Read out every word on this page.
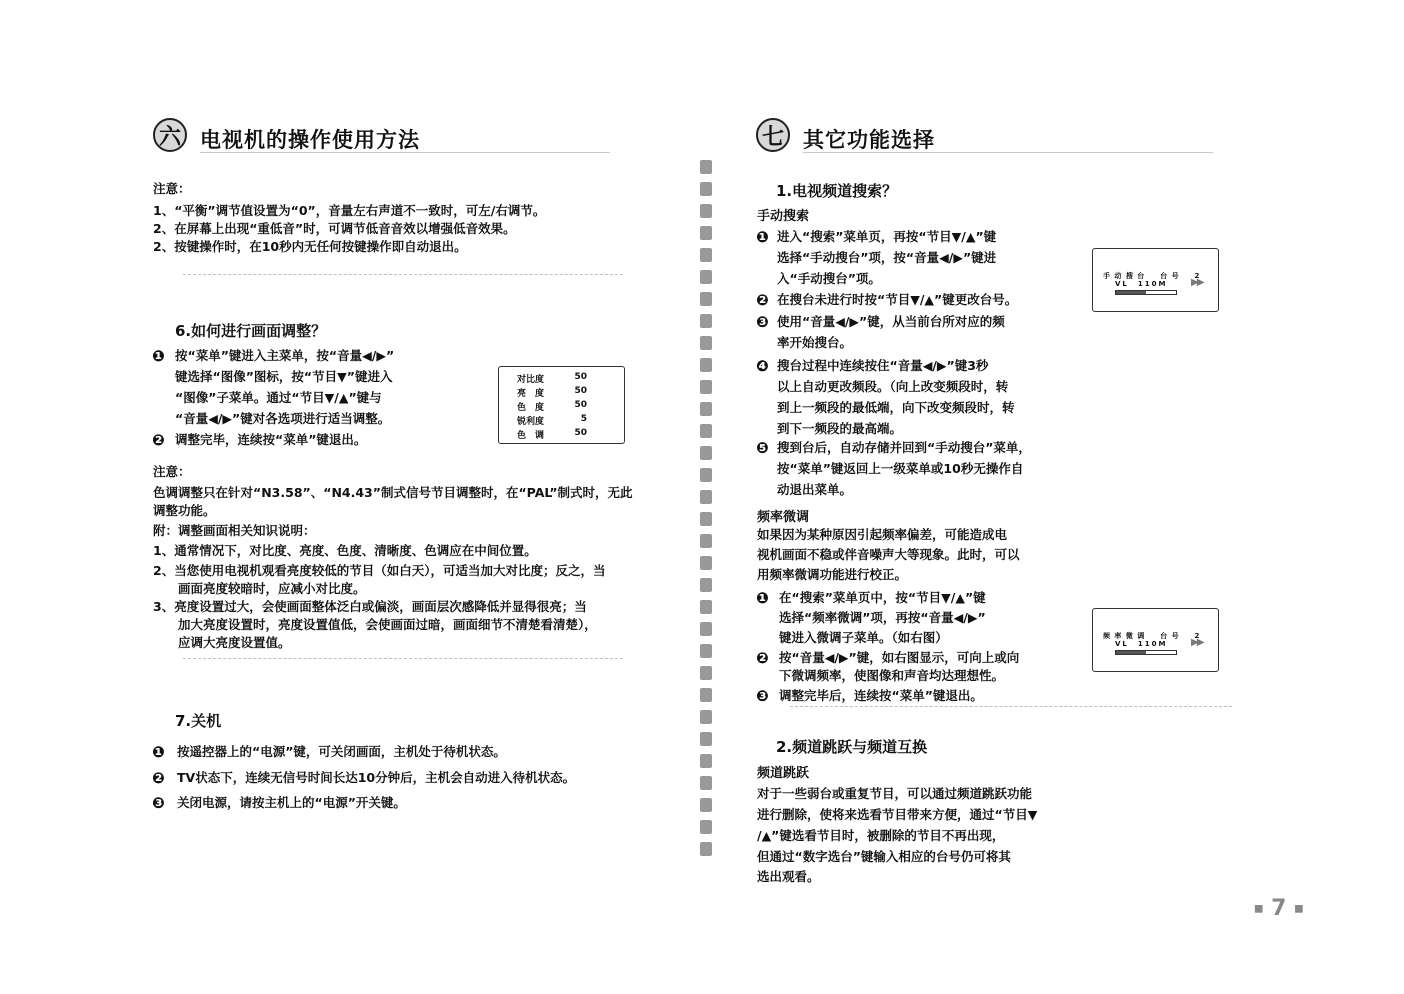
六 电视机的操作使用方法
注意：
1、“平衡”调节值设置为“0”，音量左右声道不一致时，可左/右调节。
2、在屏幕上出现“重低音”时，可调节低音音效以增强低音效果。
2、按键操作时，在10秒内无任何按键操作即自动退出。
6.如何进行画面调整？
❶ 按“菜单”键进入主菜单，按“音量◀/▶”
键选择“图像”图标，按“节目▼”键进入
“图像”子菜单。通过“节目▼/▲”键与
“音量◀/▶”键对各选项进行适当调整。
❷ 调整完毕，连续按“菜单”键退出。
对比度	50
亮　度	50
色　度	50
锐利度	5
色　调	50
注意：
色调调整只在针对“N3.58”、“N4.43”制式信号节目调整时，在“PAL”制式时，无此
调整功能。
附：调整画面相关知识说明：
1、通常情况下，对比度、亮度、色度、清晰度、色调应在中间位置。
2、当您使用电视机观看亮度较低的节目（如白天），可适当加大对比度；反之，当
　　画面亮度较暗时，应减小对比度。
3、亮度设置过大，会使画面整体泛白或偏淡，画面层次感降低并显得很亮；当
　　加大亮度设置时，亮度设置值低，会使画面过暗，画面细节不清楚看清楚），
　　应调大亮度设置值。
7.关机
❶ 按遥控器上的“电源”键，可关闭画面，主机处于待机状态。
❷ TV状态下，连续无信号时间长达10分钟后，主机会自动进入待机状态。
❸ 关闭电源，请按主机上的“电源”开关键。
七 其它功能选择
1.电视频道搜索？
手动搜索
❶ 进入“搜索”菜单页，再按“节目▼/▲”键
选择“手动搜台”项，按“音量◀/▶”键进
入“手动搜台”项。
❷ 在搜台未进行时按“节目▼/▲”键更改台号。
❸ 使用“音量◀/▶”键，从当前台所对应的频
率开始搜台。
❹ 搜台过程中连续按住“音量◀/▶”键3秒
以上自动更改频段。（向上改变频段时，转
到上一频段的最低端，向下改变频段时，转
到下一频段的最高端。
❺ 搜到台后，自动存储并回到“手动搜台”菜单，
按“菜单”键返回上一级菜单或10秒无操作自
动退出菜单。
手 动 搜 台 　 台 号 　 2
VL　110M ▶▶
频率微调
如果因为某种原因引起频率偏差，可能造成电
视机画面不稳或伴音噪声大等现象。此时，可以
用频率微调功能进行校正。
❶ 在“搜索”菜单页中，按“节目▼/▲”键
选择“频率微调”项，再按“音量◀/▶”
键进入微调子菜单。（如右图）
❷ 按“音量◀/▶”键，如右图显示，可向上或向
下微调频率，使图像和声音均达理想性。
❸ 调整完毕后，连续按“菜单”键退出。
频 率 微 调 　 台 号 　 2
VL　110M ▶▶
2.频道跳跃与频道互换
频道跳跃
对于一些弱台或重复节目，可以通过频道跳跃功能
进行删除，使将来选看节目带来方便，通过“节目▼
/▲”键选看节目时，被删除的节目不再出现，
但通过“数字选台”键输入相应的台号仍可将其
选出观看。
■ 7 ■
